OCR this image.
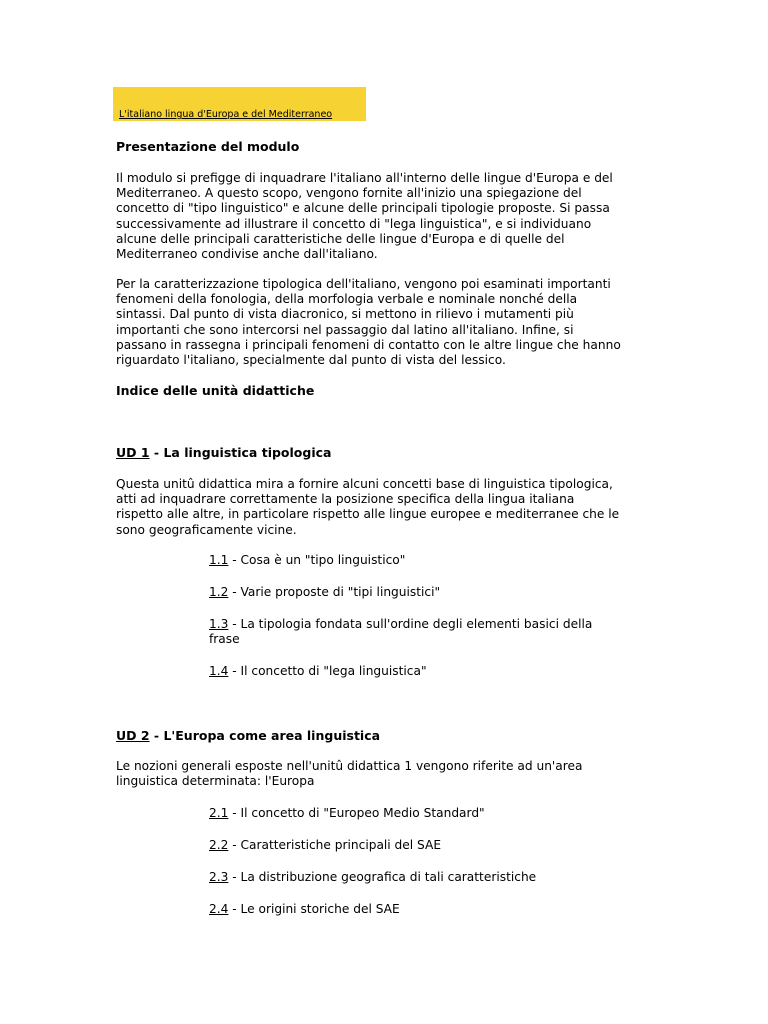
L'italiano lingua d'Europa e del Mediterraneo
Presentazione del modulo
Il modulo si prefigge di inquadrare l'italiano all'interno delle lingue d'Europa e del
Mediterraneo. A questo scopo, vengono fornite all'inizio una spiegazione del
concetto di "tipo linguistico" e alcune delle principali tipologie proposte. Si passa
successivamente ad illustrare il concetto di "lega linguistica", e si individuano
alcune delle principali caratteristiche delle lingue d'Europa e di quelle del
Mediterraneo condivise anche dall'italiano.
Per la caratterizzazione tipologica dell'italiano, vengono poi esaminati importanti
fenomeni della fonologia, della morfologia verbale e nominale nonché della
sintassi. Dal punto di vista diacronico, si mettono in rilievo i mutamenti più
importanti che sono intercorsi nel passaggio dal latino all'italiano. Infine, si
passano in rassegna i principali fenomeni di contatto con le altre lingue che hanno
riguardato l'italiano, specialmente dal punto di vista del lessico.
Indice delle unità didattiche
UD 1 - La linguistica tipologica
Questa unitû didattica mira a fornire alcuni concetti base di linguistica tipologica,
atti ad inquadrare correttamente la posizione specifica della lingua italiana
rispetto alle altre, in particolare rispetto alle lingue europee e mediterranee che le
sono geograficamente vicine.
1.1 - Cosa è un "tipo linguistico"
1.2 - Varie proposte di "tipi linguistici"
1.3 - La tipologia fondata sull'ordine degli elementi basici della
frase
1.4 - Il concetto di "lega linguistica"
UD 2 - L'Europa come area linguistica
Le nozioni generali esposte nell'unitû didattica 1 vengono riferite ad un'area
linguistica determinata: l'Europa
2.1 - Il concetto di "Europeo Medio Standard"
2.2 - Caratteristiche principali del SAE
2.3 - La distribuzione geografica di tali caratteristiche
2.4 - Le origini storiche del SAE
